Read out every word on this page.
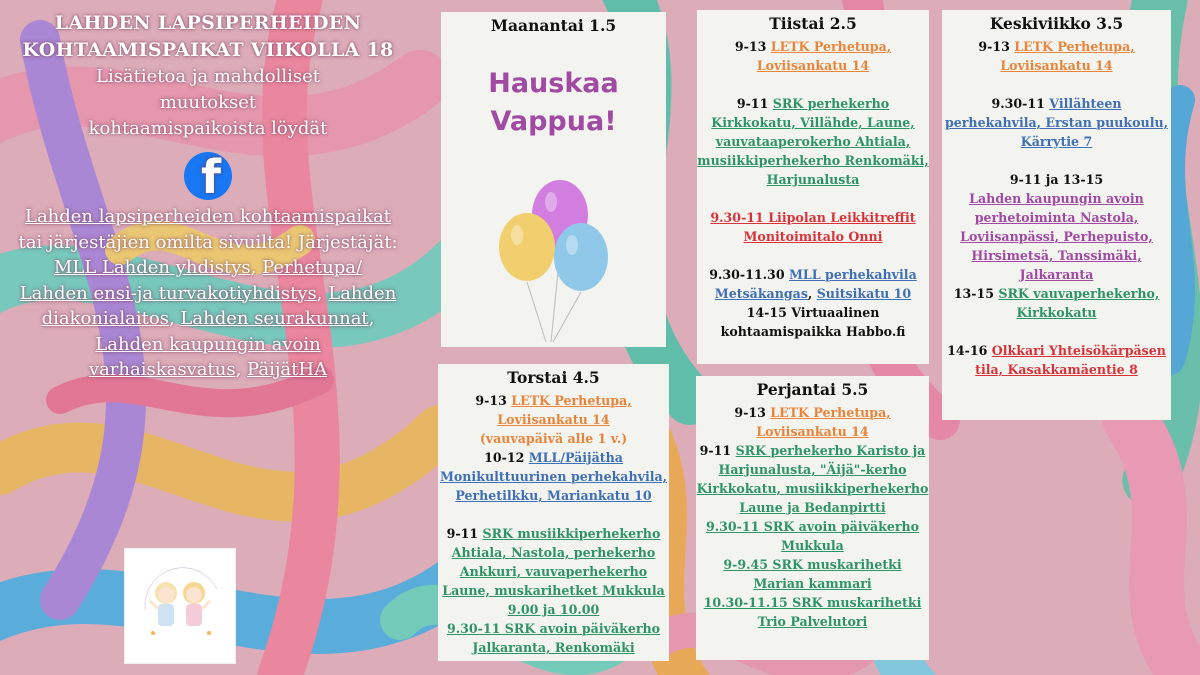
LAHDEN LAPSIPERHEIDEN KOHTAAMISPAIKAT VIIKOLLA 18
Lisätietoa ja mahdolliset
muutokset
kohtaamispaikoista löydät
f
Lahden lapsiperheiden kohtaamispaikat tai järjestäjien omilta sivuilta! Järjestäjät: MLL Lahden yhdistys, Perhetupa/ Lahden ensi-ja turvakotiyhdistys, Lahden diakonialaitos, Lahden seurakunnat, Lahden kaupungin avoin varhaiskasvatus, PäijätHA
Maanantai 1.5
Hauskaa
Vappua!
Tiistai 2.5

9-13 LETK Perhetupa, Loviisankatu 14

9-11 SRK perhekerho Kirkkokatu, Villähde, Laune, vauvataaperokerho Ahtiala, musiikkiperhekerho Renkomäki, Harjunalusta

9.30-11 Liipolan Leikkitreffit Monitoimitalo Onni

9.30-11.30 MLL perhekahvila Metsäkangas, Suitsikatu 10

14-15 Virtuaalinen kohtaamispaikka Habbo.fi

Keskiviikko 3.5

9-13 LETK Perhetupa, Loviisankatu 14

9.30-11 Villähteen perhekahvila, Erstan puukoulu, Kärrytie 7

9-11 ja 13-15

Lahden kaupungin avoin perhetoiminta Nastola, Loviisanpässi, Perhepuisto, Hirsimetsä, Tanssimäki, Jalkaranta

13-15 SRK vauvaperhekerho, Kirkkokatu

14-16 Olkkari Yhteisökärpäsen tila, Kasakkamäentie 8

Torstai 4.5

9-13 LETK Perhetupa, Loviisankatu 14

(vauvapäivä alle 1 v.)

10-12 MLL/Päijätha Monikulttuurinen perhekahvila, Perhetilkku, Mariankatu 10

9-11 SRK musiikkiperhekerho Ahtiala, Nastola, perhekerho Ankkuri, vauvaperhekerho Laune, muskarihetket Mukkula 9.00 ja 10.00

9.30-11 SRK avoin päiväkerho Jalkaranta, Renkomäki

Perjantai 5.5

9-13 LETK Perhetupa, Loviisankatu 14

9-11 SRK perhekerho Karisto ja Harjunalusta, "Äijä"-kerho Kirkkokatu, musiikkiperhekerho Laune ja Bedanpirtti

9.30-11 SRK avoin päiväkerho Mukkula

9-9.45 SRK muskarihetki Marian kammari

10.30-11.15 SRK muskarihetki Trio Palvelutori
